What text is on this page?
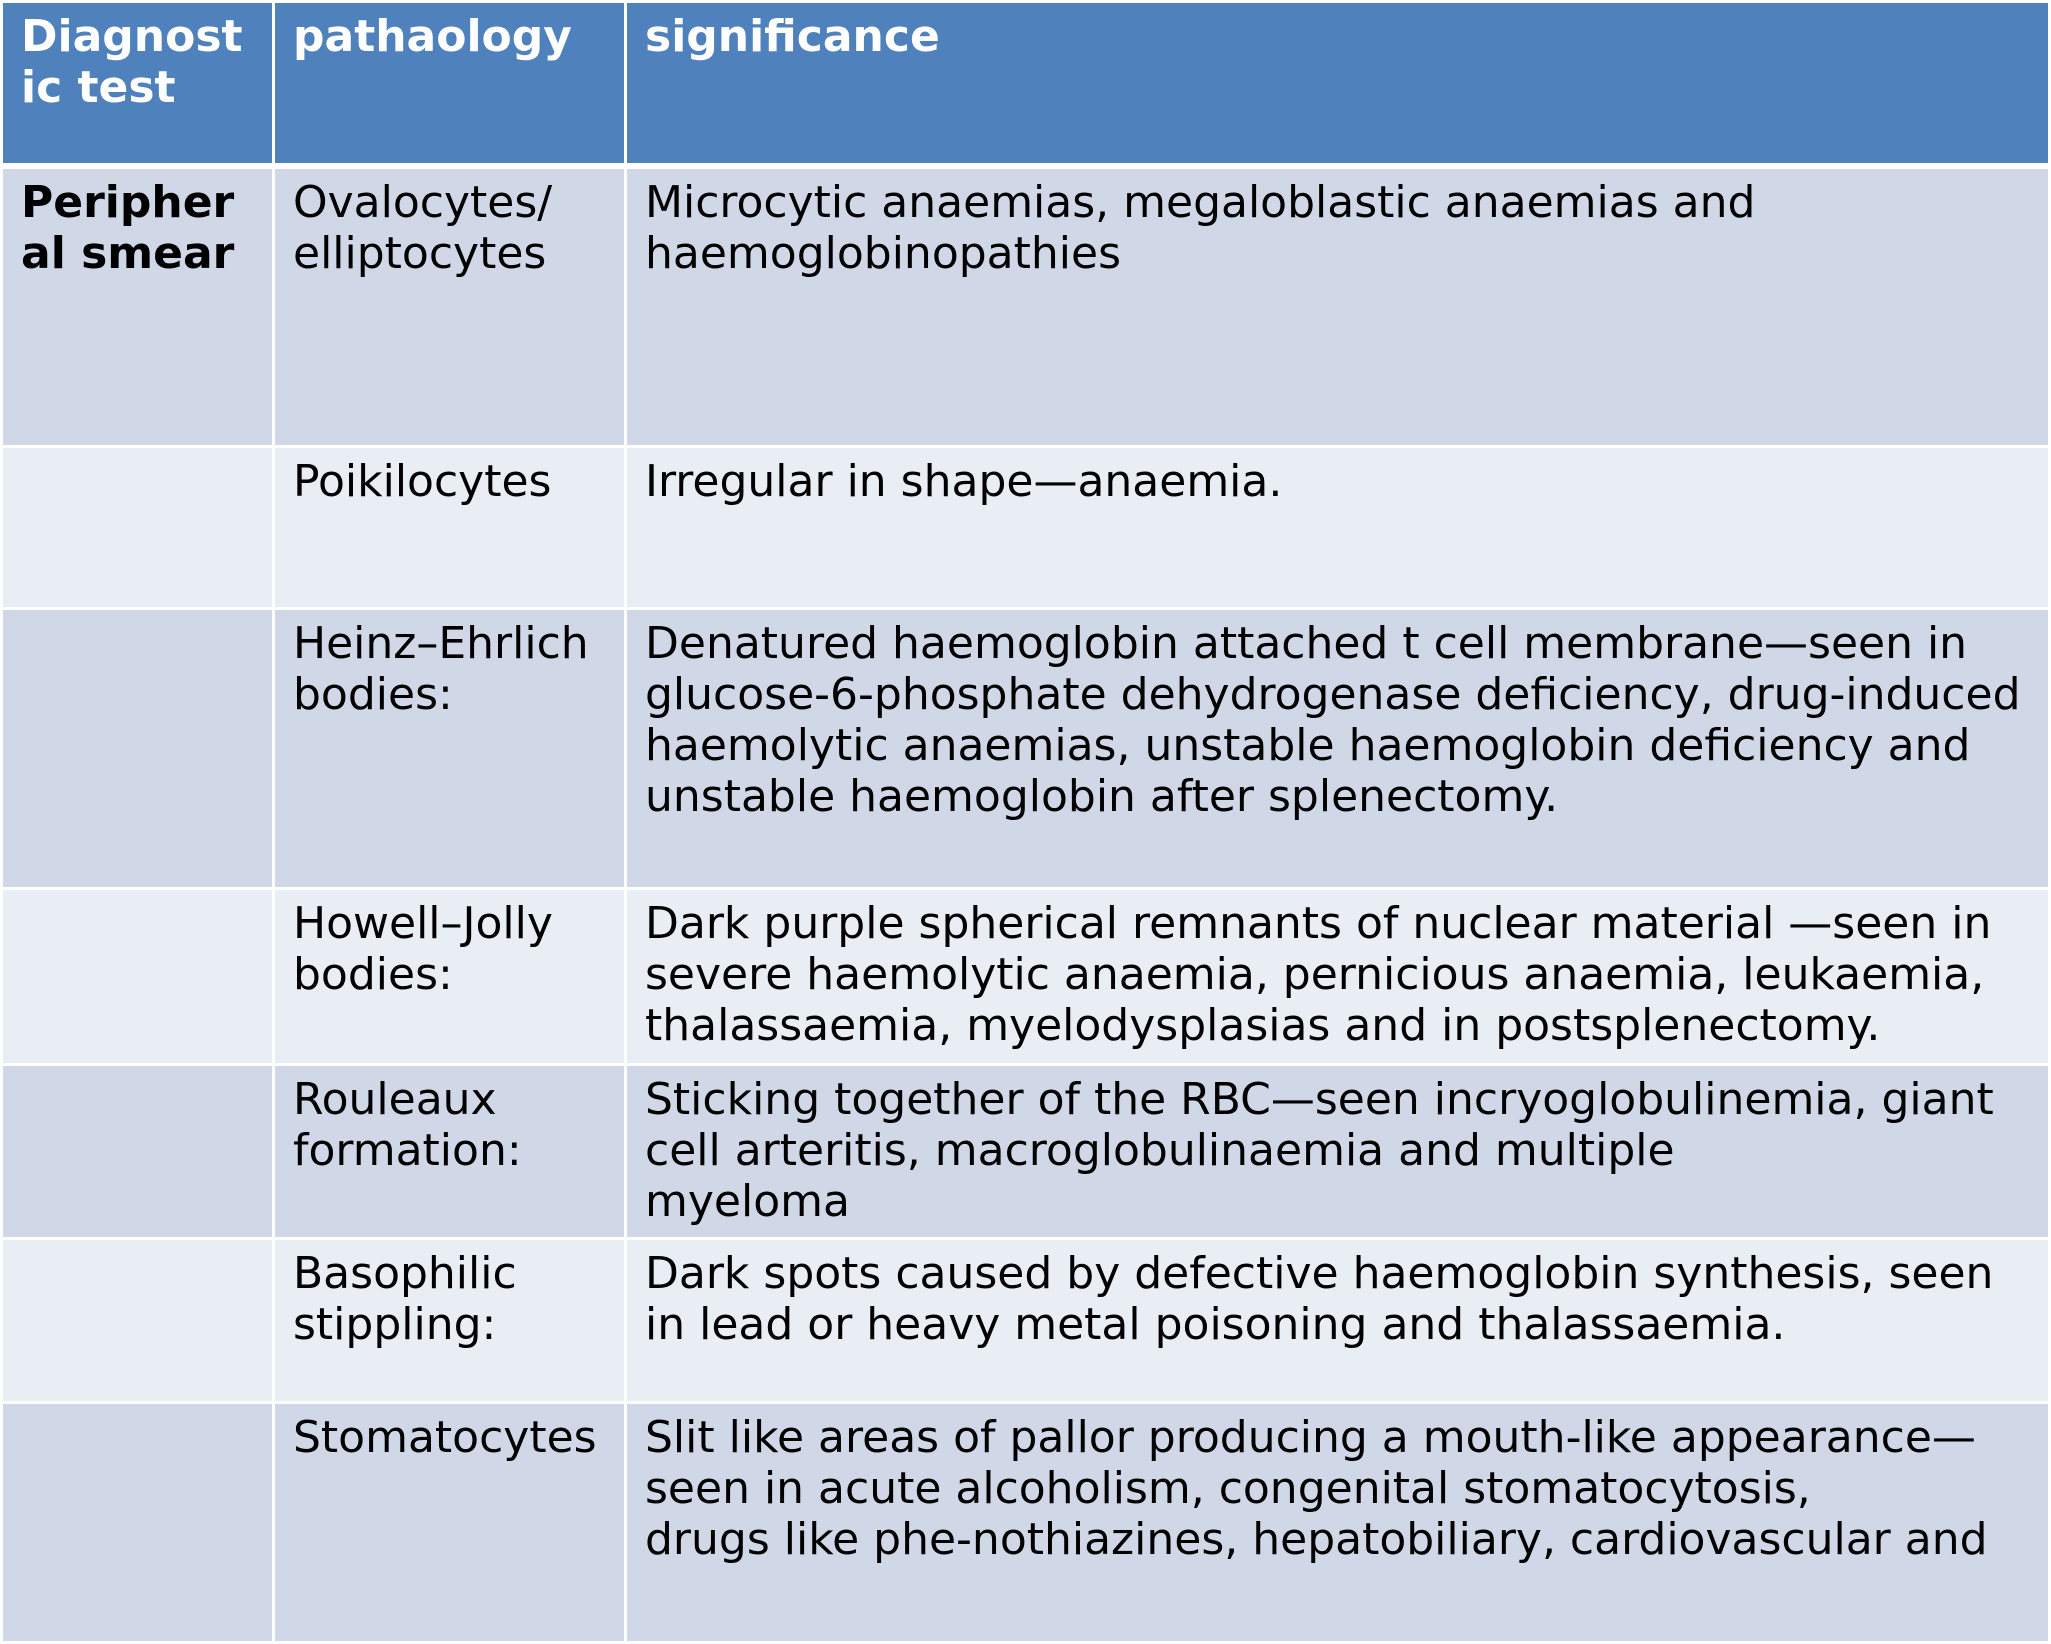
Diagnostic test	pathaology	significance
Peripheral smear	Ovalocytes/ elliptocytes	Microcytic anaemias, megaloblastic anaemias and haemoglobinopathies

	Poikilocytes	Irregular in shape—anaemia.

	Heinz–Ehrlich bodies:	Denatured haemoglobin attached t cell membrane—seen in glucose-6-phosphate dehydrogenase deficiency, drug-induced haemolytic anaemias, unstable haemoglobin deficiency and unstable haemoglobin after splenectomy.

	Howell–Jolly bodies:	Dark purple spherical remnants of nuclear material —seen in severe haemolytic anaemia, pernicious anaemia, leukaemia, thalassaemia, myelodysplasias and in postsplenectomy.

	Rouleaux formation:	Sticking together of the RBC—seen incryoglobulinemia, giant cell arteritis, macroglobulinaemia and multiple
myeloma

	Basophilic stippling:	Dark spots caused by defective haemoglobin synthesis, seen in lead or heavy metal poisoning and thalassaemia.

	Stomatocytes	Slit like areas of pallor producing a mouth-like appearance—seen in acute alcoholism, congenital stomatocytosis,
drugs like phe-nothiazines, hepatobiliary, cardiovascular and
